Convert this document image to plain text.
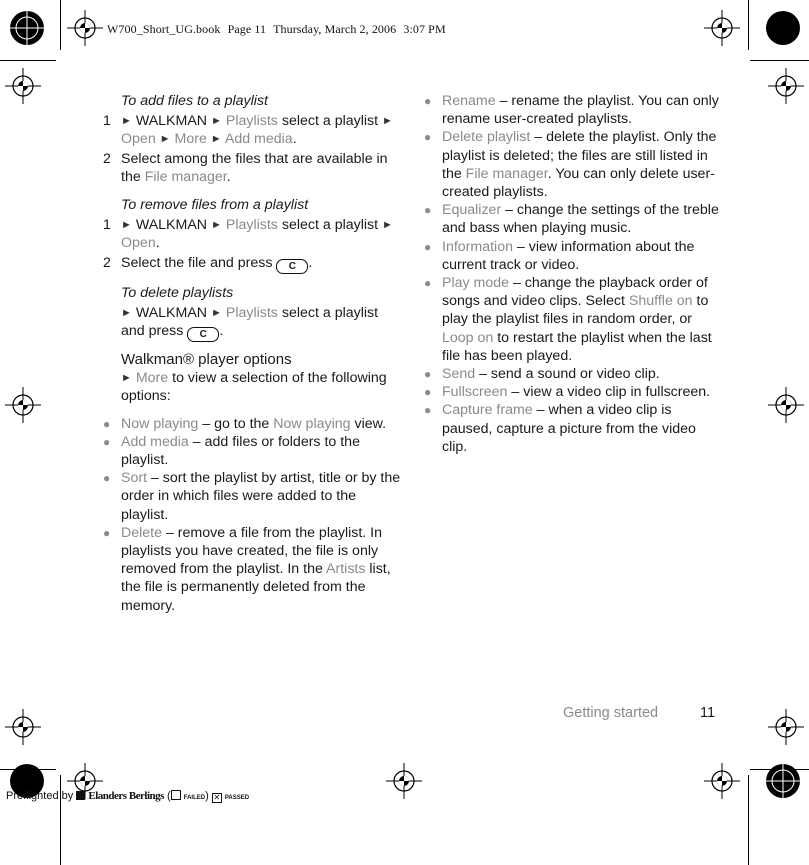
W700_Short_UG.book Page 11 Thursday, March 2, 2006 3:07 PM
To add files to a playlist
1 ► WALKMAN ► Playlists select a playlist ► Open ► More ► Add media.
2 Select among the files that are available in the File manager.
To remove files from a playlist
1 ► WALKMAN ► Playlists select a playlist ► Open.
2 Select the file and press C .
To delete playlists
► WALKMAN ► Playlists select a playlist and press C .
Walkman® player options
► More to view a selection of the following options:
● Now playing – go to the Now playing view.
● Add media – add files or folders to the playlist.
● Sort – sort the playlist by artist, title or by the order in which files were added to the playlist.
● Delete – remove a file from the playlist. In playlists you have created, the file is only removed from the playlist. In the Artists list, the file is permanently deleted from the memory.
● Rename – rename the playlist. You can only rename user-created playlists.
● Delete playlist – delete the playlist. Only the playlist is deleted; the files are still listed in the File manager. You can only delete user-created playlists.
● Equalizer – change the settings of the treble and bass when playing music.
● Information – view information about the current track or video.
● Play mode – change the playback order of songs and video clips. Select Shuffle on to play the playlist files in random order, or Loop on to restart the playlist when the last file has been played.
● Send – send a sound or video clip.
● Fullscreen – view a video clip in fullscreen.
● Capture frame – when a video clip is paused, capture a picture from the video clip.
Getting started	11
Preflighted by Elanders Berlings ( FAILED) ✕ PASSED
